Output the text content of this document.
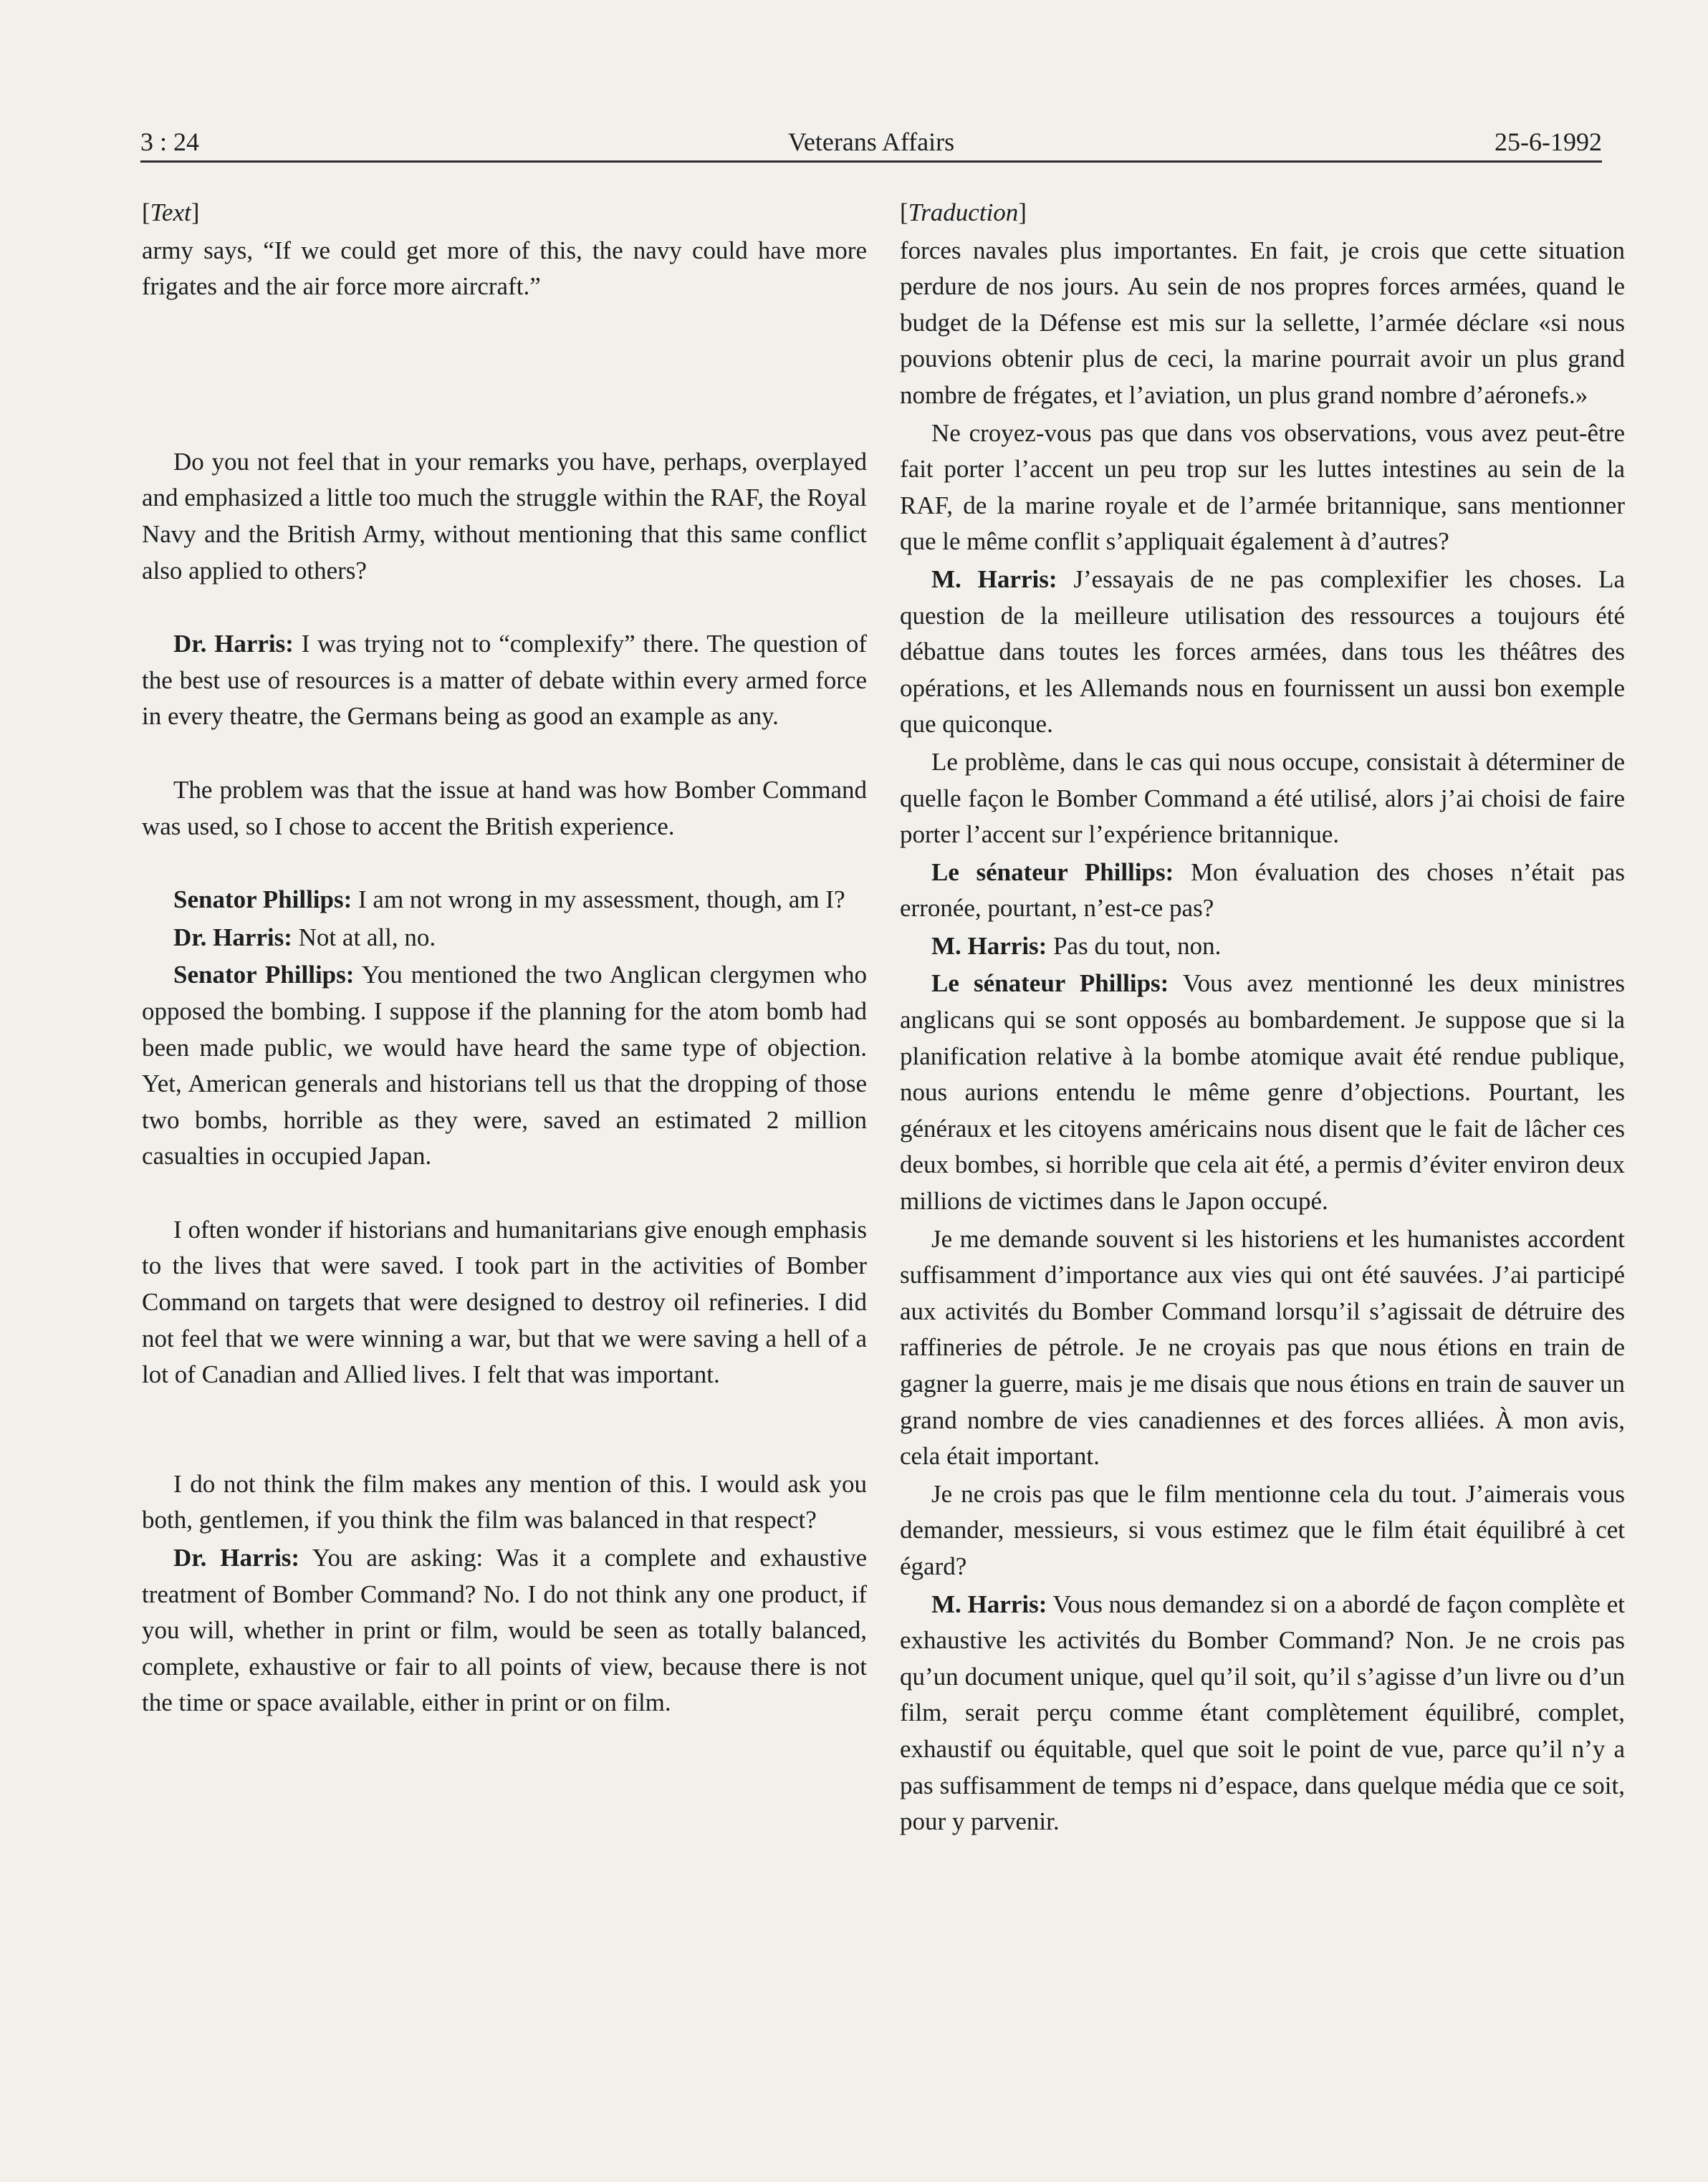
3 : 24	Veterans Affairs	25-6-1992

[Text]

army says, “If we could get more of this, the navy could have more frigates and the air force more aircraft.”

Do you not feel that in your remarks you have, perhaps, overplayed and emphasized a little too much the struggle within the RAF, the Royal Navy and the British Army, without mentioning that this same conflict also applied to others?

Dr. Harris: I was trying not to “complexify” there. The question of the best use of resources is a matter of debate within every armed force in every theatre, the Germans being as good an example as any.

The problem was that the issue at hand was how Bomber Command was used, so I chose to accent the British experience.

Senator Phillips: I am not wrong in my assessment, though, am I?

Dr. Harris: Not at all, no.

Senator Phillips: You mentioned the two Anglican clergymen who opposed the bombing. I suppose if the planning for the atom bomb had been made public, we would have heard the same type of objection. Yet, American generals and historians tell us that the dropping of those two bombs, horrible as they were, saved an estimated 2 million casualties in occupied Japan.

I often wonder if historians and humanitarians give enough emphasis to the lives that were saved. I took part in the activities of Bomber Command on targets that were designed to destroy oil refineries. I did not feel that we were winning a war, but that we were saving a hell of a lot of Canadian and Allied lives. I felt that was important.

I do not think the film makes any mention of this. I would ask you both, gentlemen, if you think the film was balanced in that respect?

Dr. Harris: You are asking: Was it a complete and exhaustive treatment of Bomber Command? No. I do not think any one product, if you will, whether in print or film, would be seen as totally balanced, complete, exhaustive or fair to all points of view, because there is not the time or space available, either in print or on film.

[Traduction]

forces navales plus importantes. En fait, je crois que cette situation perdure de nos jours. Au sein de nos propres forces armées, quand le budget de la Défense est mis sur la sellette, l’armée déclare «si nous pouvions obtenir plus de ceci, la marine pourrait avoir un plus grand nombre de frégates, et l’aviation, un plus grand nombre d’aéronefs.»

Ne croyez-vous pas que dans vos observations, vous avez peut-être fait porter l’accent un peu trop sur les luttes intestines au sein de la RAF, de la marine royale et de l’armée britannique, sans mentionner que le même conflit s’appliquait également à d’autres?

M. Harris: J’essayais de ne pas complexifier les choses. La question de la meilleure utilisation des ressources a toujours été débattue dans toutes les forces armées, dans tous les théâtres des opérations, et les Allemands nous en fournissent un aussi bon exemple que quiconque.

Le problème, dans le cas qui nous occupe, consistait à déterminer de quelle façon le Bomber Command a été utilisé, alors j’ai choisi de faire porter l’accent sur l’expérience britannique.

Le sénateur Phillips: Mon évaluation des choses n’était pas erronée, pourtant, n’est-ce pas?

M. Harris: Pas du tout, non.

Le sénateur Phillips: Vous avez mentionné les deux ministres anglicans qui se sont opposés au bombardement. Je suppose que si la planification relative à la bombe atomique avait été rendue publique, nous aurions entendu le même genre d’objections. Pourtant, les généraux et les citoyens américains nous disent que le fait de lâcher ces deux bombes, si horrible que cela ait été, a permis d’éviter environ deux millions de victimes dans le Japon occupé.

Je me demande souvent si les historiens et les humanistes accordent suffisamment d’importance aux vies qui ont été sauvées. J’ai participé aux activités du Bomber Command lorsqu’il s’agissait de détruire des raffineries de pétrole. Je ne croyais pas que nous étions en train de gagner la guerre, mais je me disais que nous étions en train de sauver un grand nombre de vies canadiennes et des forces alliées. À mon avis, cela était important.

Je ne crois pas que le film mentionne cela du tout. J’aimerais vous demander, messieurs, si vous estimez que le film était équilibré à cet égard?

M. Harris: Vous nous demandez si on a abordé de façon complète et exhaustive les activités du Bomber Command? Non. Je ne crois pas qu’un document unique, quel qu’il soit, qu’il s’agisse d’un livre ou d’un film, serait perçu comme étant complètement équilibré, complet, exhaustif ou équitable, quel que soit le point de vue, parce qu’il n’y a pas suffisamment de temps ni d’espace, dans quelque média que ce soit, pour y parvenir.
